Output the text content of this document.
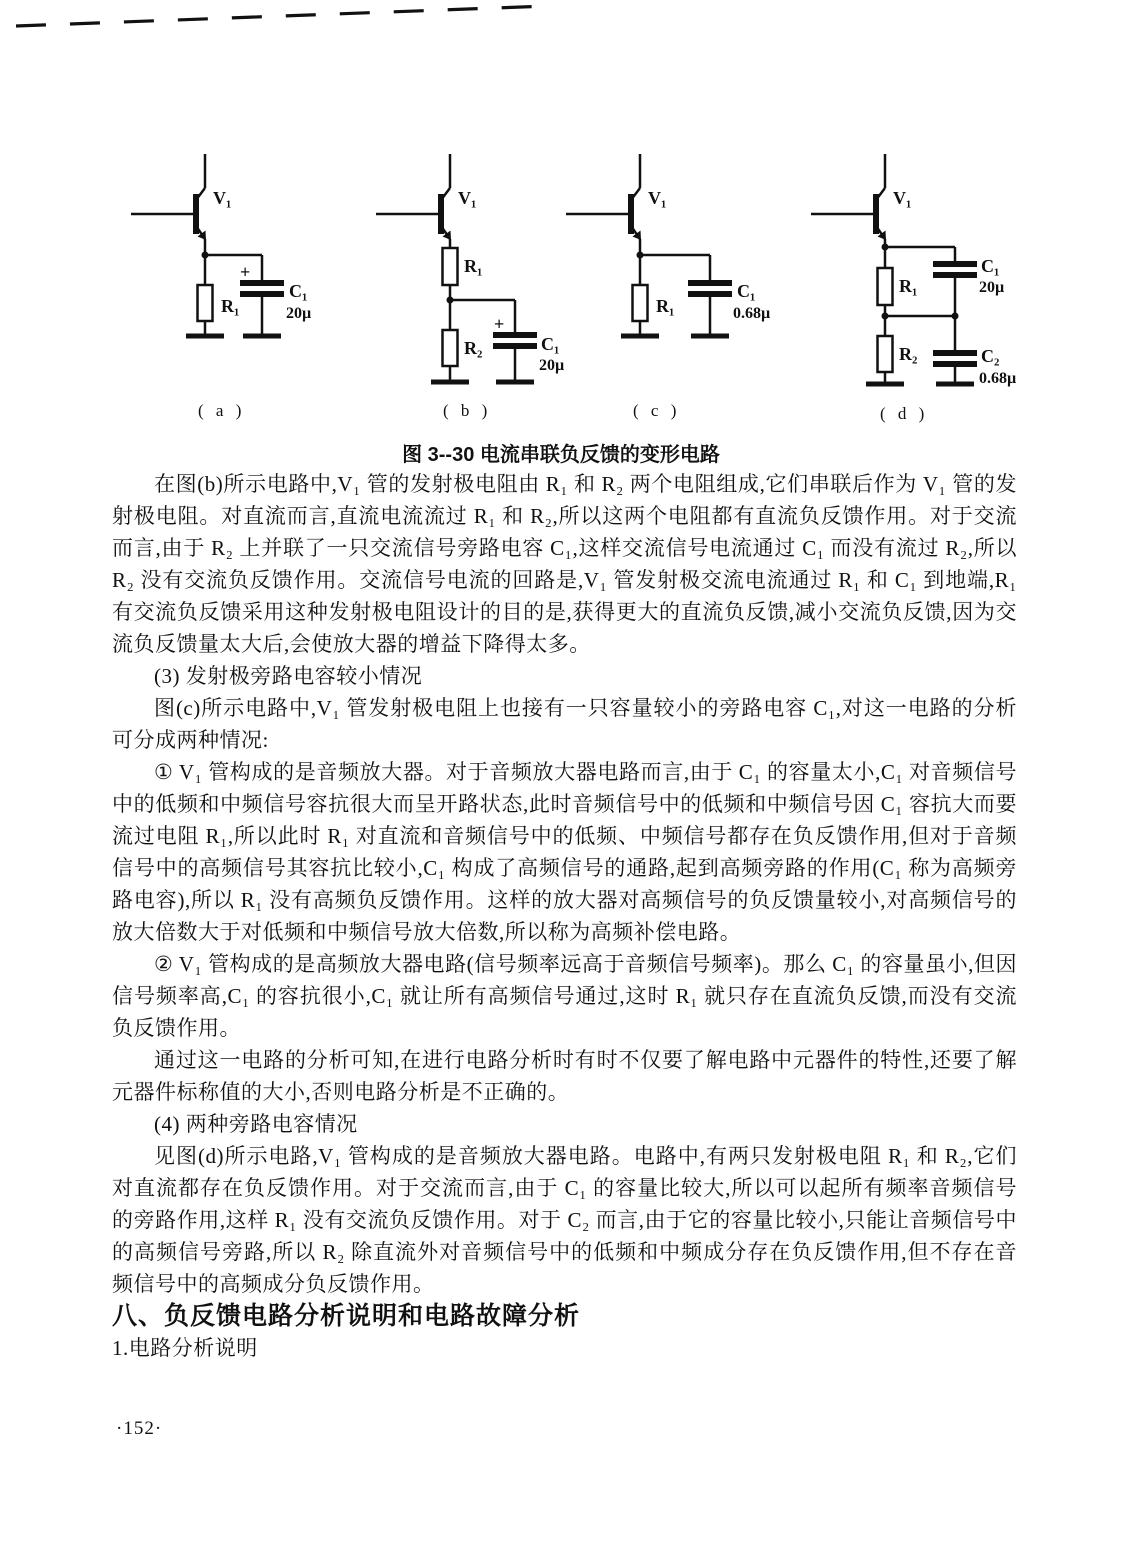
V₁
R₁
+
C₁
20µ
( a )
V₁
R₁
R₂
+
C₁
20µ
( b )
V₁
R₁
C₁
0.68µ
( c )
V₁
R₁
C₁
20µ
R₂	C₂
0.68µ
( d )
图 3--30 电流串联负反馈的变形电路

在图(b)所示电路中,V₁ 管的发射极电阻由 R₁ 和 R₂ 两个电阻组成,它们串联后作为 V₁ 管的发射极电阻。对直流而言,直流电流流过 R₁ 和 R₂,所以这两个电阻都有直流负反馈作用。对于交流而言,由于 R₂ 上并联了一只交流信号旁路电容 C₁,这样交流信号电流通过 C₁ 而没有流过 R₂,所以 R₂ 没有交流负反馈作用。交流信号电流的回路是,V₁ 管发射极交流电流通过 R₁ 和 C₁ 到地端,R₁ 有交流负反馈采用这种发射极电阻设计的目的是,获得更大的直流负反馈,减小交流负反馈,因为交流负反馈量太大后,会使放大器的增益下降得太多。

(3) 发射极旁路电容较小情况

图(c)所示电路中,V₁ 管发射极电阻上也接有一只容量较小的旁路电容 C₁,对这一电路的分析可分成两种情况:

① V₁ 管构成的是音频放大器。对于音频放大器电路而言,由于 C₁ 的容量太小,C₁ 对音频信号中的低频和中频信号容抗很大而呈开路状态,此时音频信号中的低频和中频信号因 C₁ 容抗大而要流过电阻 R₁,所以此时 R₁ 对直流和音频信号中的低频、中频信号都存在负反馈作用,但对于音频信号中的高频信号其容抗比较小,C₁ 构成了高频信号的通路,起到高频旁路的作用(C₁ 称为高频旁路电容),所以 R₁ 没有高频负反馈作用。这样的放大器对高频信号的负反馈量较小,对高频信号的放大倍数大于对低频和中频信号放大倍数,所以称为高频补偿电路。

② V₁ 管构成的是高频放大器电路(信号频率远高于音频信号频率)。那么 C₁ 的容量虽小,但因信号频率高,C₁ 的容抗很小,C₁ 就让所有高频信号通过,这时 R₁ 就只存在直流负反馈,而没有交流负反馈作用。

通过这一电路的分析可知,在进行电路分析时有时不仅要了解电路中元器件的特性,还要了解元器件标称值的大小,否则电路分析是不正确的。

(4) 两种旁路电容情况

见图(d)所示电路,V₁ 管构成的是音频放大器电路。电路中,有两只发射极电阻 R₁ 和 R₂,它们对直流都存在负反馈作用。对于交流而言,由于 C₁ 的容量比较大,所以可以起所有频率音频信号的旁路作用,这样 R₁ 没有交流负反馈作用。对于 C₂ 而言,由于它的容量比较小,只能让音频信号中的高频信号旁路,所以 R₂ 除直流外对音频信号中的低频和中频成分存在负反馈作用,但不存在音频信号中的高频成分负反馈作用。

八、负反馈电路分析说明和电路故障分析

1.电路分析说明

·152·
